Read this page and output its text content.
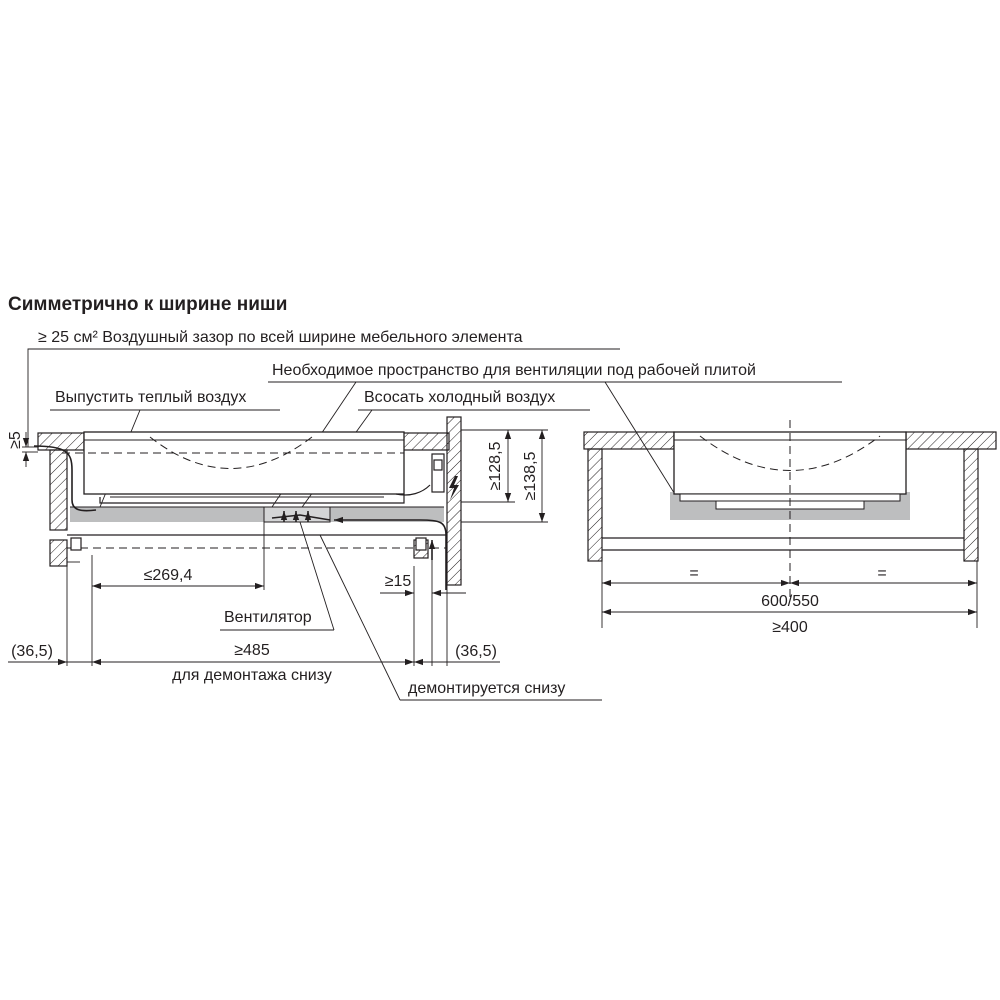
Симметрично к ширине ниши
≥ 25 см² Воздушный зазор по всей ширине мебельного элемента
Необходимое пространство для вентиляции под рабочей плитой
Выпустить теплый воздух	Всосать холодный воздух
≥5
≥128,5 ≥138,5
≤269,4	≥15
(36,5)	≥485
для демонтажа снизу
(36,5)
Вентилятор
демонтируется снизу
=	=
600/550
≥400
